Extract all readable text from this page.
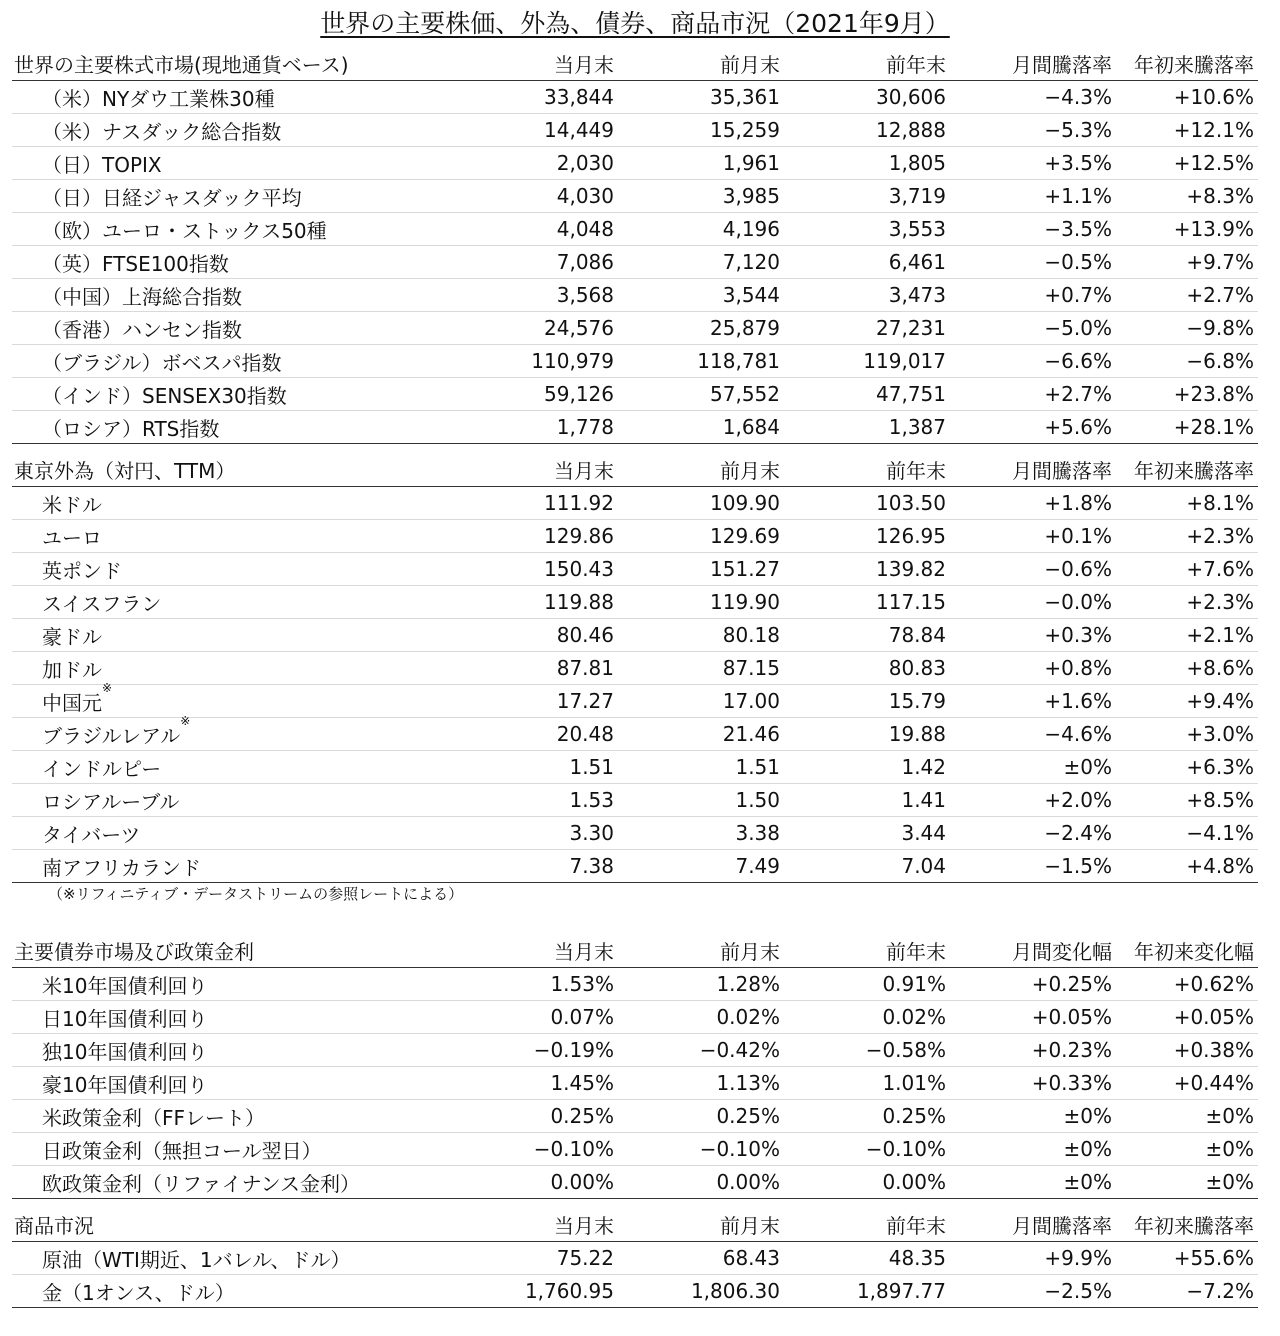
世界の主要株価、外為、債券、商品市況（2021年9月）
世界の主要株式市場(現地通貨ベース)	当月末	前月末	前年末	月間騰落率	年初来騰落率
（米）NYダウ工業株30種	33,844	35,361	30,606	−4.3%	+10.6%
（米）ナスダック総合指数	14,449	15,259	12,888	−5.3%	+12.1%
（日）TOPIX	2,030	1,961	1,805	+3.5%	+12.5%
（日）日経ジャスダック平均	4,030	3,985	3,719	+1.1%	+8.3%
（欧）ユーロ・ストックス50種	4,048	4,196	3,553	−3.5%	+13.9%
（英）FTSE100指数	7,086	7,120	6,461	−0.5%	+9.7%
（中国）上海総合指数	3,568	3,544	3,473	+0.7%	+2.7%
（香港）ハンセン指数	24,576	25,879	27,231	−5.0%	−9.8%
（ブラジル）ボベスパ指数	110,979	118,781	119,017	−6.6%	−6.8%
（インド）SENSEX30指数	59,126	57,552	47,751	+2.7%	+23.8%
（ロシア）RTS指数	1,778	1,684	1,387	+5.6%	+28.1%
東京外為（対円、TTM）	当月末	前月末	前年末	月間騰落率	年初来騰落率
米ドル	111.92	109.90	103.50	+1.8%	+8.1%
ユーロ	129.86	129.69	126.95	+0.1%	+2.3%
英ポンド	150.43	151.27	139.82	−0.6%	+7.6%
スイスフラン	119.88	119.90	117.15	−0.0%	+2.3%
豪ドル	80.46	80.18	78.84	+0.3%	+2.1%
加ドル	87.81	87.15	80.83	+0.8%	+8.6%
中国元※	17.27	17.00	15.79	+1.6%	+9.4%
ブラジルレアル※	20.48	21.46	19.88	−4.6%	+3.0%
インドルピー	1.51	1.51	1.42	±0%	+6.3%
ロシアルーブル	1.53	1.50	1.41	+2.0%	+8.5%
タイバーツ	3.30	3.38	3.44	−2.4%	−4.1%
南アフリカランド	7.38	7.49	7.04	−1.5%	+4.8%
（※リフィニティブ・データストリームの参照レートによる）
主要債券市場及び政策金利	当月末	前月末	前年末	月間変化幅	年初来変化幅
米10年国債利回り	1.53%	1.28%	0.91%	+0.25%	+0.62%
日10年国債利回り	0.07%	0.02%	0.02%	+0.05%	+0.05%
独10年国債利回り	−0.19%	−0.42%	−0.58%	+0.23%	+0.38%
豪10年国債利回り	1.45%	1.13%	1.01%	+0.33%	+0.44%
米政策金利（FFレート）	0.25%	0.25%	0.25%	±0%	±0%
日政策金利（無担コール翌日）	−0.10%	−0.10%	−0.10%	±0%	±0%
欧政策金利（リファイナンス金利）	0.00%	0.00%	0.00%	±0%	±0%
商品市況	当月末	前月末	前年末	月間騰落率	年初来騰落率
原油（WTI期近、1バレル、ドル）	75.22	68.43	48.35	+9.9%	+55.6%
金（1オンス、ドル）	1,760.95	1,806.30	1,897.77	−2.5%	−7.2%
